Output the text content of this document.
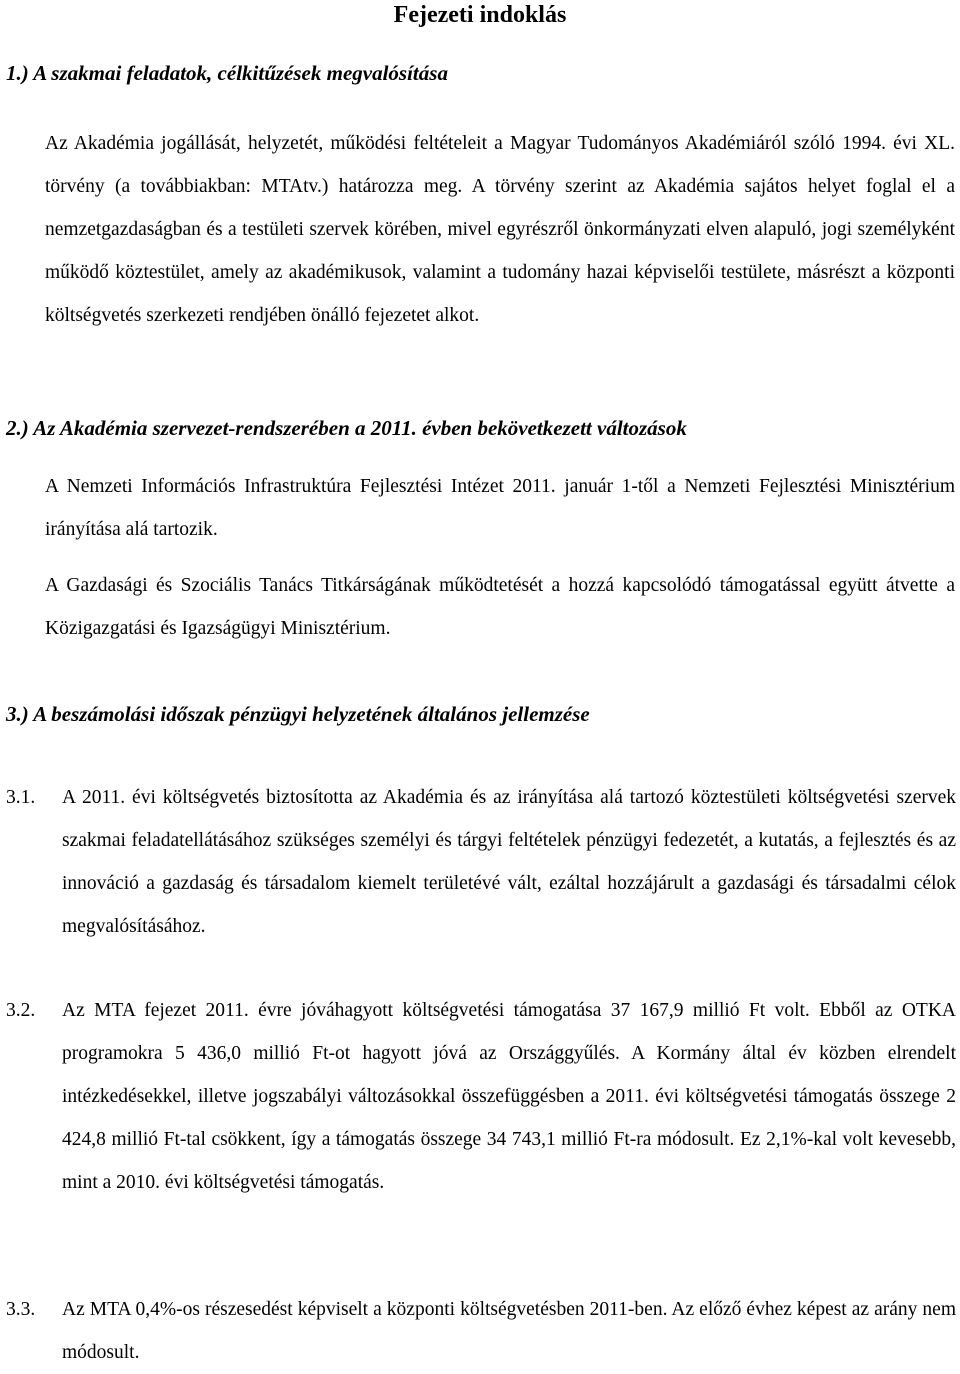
Fejezeti indoklás
1.) A szakmai feladatok, célkitűzések megvalósítása
Az Akadémia jogállását, helyzetét, működési feltételeit a Magyar Tudományos Akadémiáról szóló 1994. évi XL. törvény (a továbbiakban: MTAtv.) határozza meg. A törvény szerint az Akadémia sajátos helyet foglal el a nemzetgazdaságban és a testületi szervek körében, mivel egyrészről önkormányzati elven alapuló, jogi személyként működő köztestület, amely az akadémikusok, valamint a tudomány hazai képviselői testülete, másrészt a központi költségvetés szerkezeti rendjében önálló fejezetet alkot.
2.) Az Akadémia szervezet-rendszerében a 2011. évben bekövetkezett változások
A Nemzeti Információs Infrastruktúra Fejlesztési Intézet 2011. január 1-től a Nemzeti Fejlesztési Minisztérium irányítása alá tartozik.
A Gazdasági és Szociális Tanács Titkárságának működtetését a hozzá kapcsolódó támogatással együtt átvette a Közigazgatási és Igazságügyi Minisztérium.
3.) A beszámolási időszak pénzügyi helyzetének általános jellemzése
3.1. A 2011. évi költségvetés biztosította az Akadémia és az irányítása alá tartozó köztestületi költségvetési szervek szakmai feladatellátásához szükséges személyi és tárgyi feltételek pénzügyi fedezetét, a kutatás, a fejlesztés és az innováció a gazdaság és társadalom kiemelt területévé vált, ezáltal hozzájárult a gazdasági és társadalmi célok megvalósításához.
3.2. Az MTA fejezet 2011. évre jóváhagyott költségvetési támogatása 37 167,9 millió Ft volt. Ebből az OTKA programokra 5 436,0 millió Ft-ot hagyott jóvá az Országgyűlés. A Kormány által év közben elrendelt intézkedésekkel, illetve jogszabályi változásokkal összefüggésben a 2011. évi költségvetési támogatás összege 2 424,8 millió Ft-tal csökkent, így a támogatás összege 34 743,1 millió Ft-ra módosult. Ez 2,1%-kal volt kevesebb, mint a 2010. évi költségvetési támogatás.
3.3. Az MTA 0,4%-os részesedést képviselt a központi költségvetésben 2011-ben. Az előző évhez képest az arány nem módosult.
